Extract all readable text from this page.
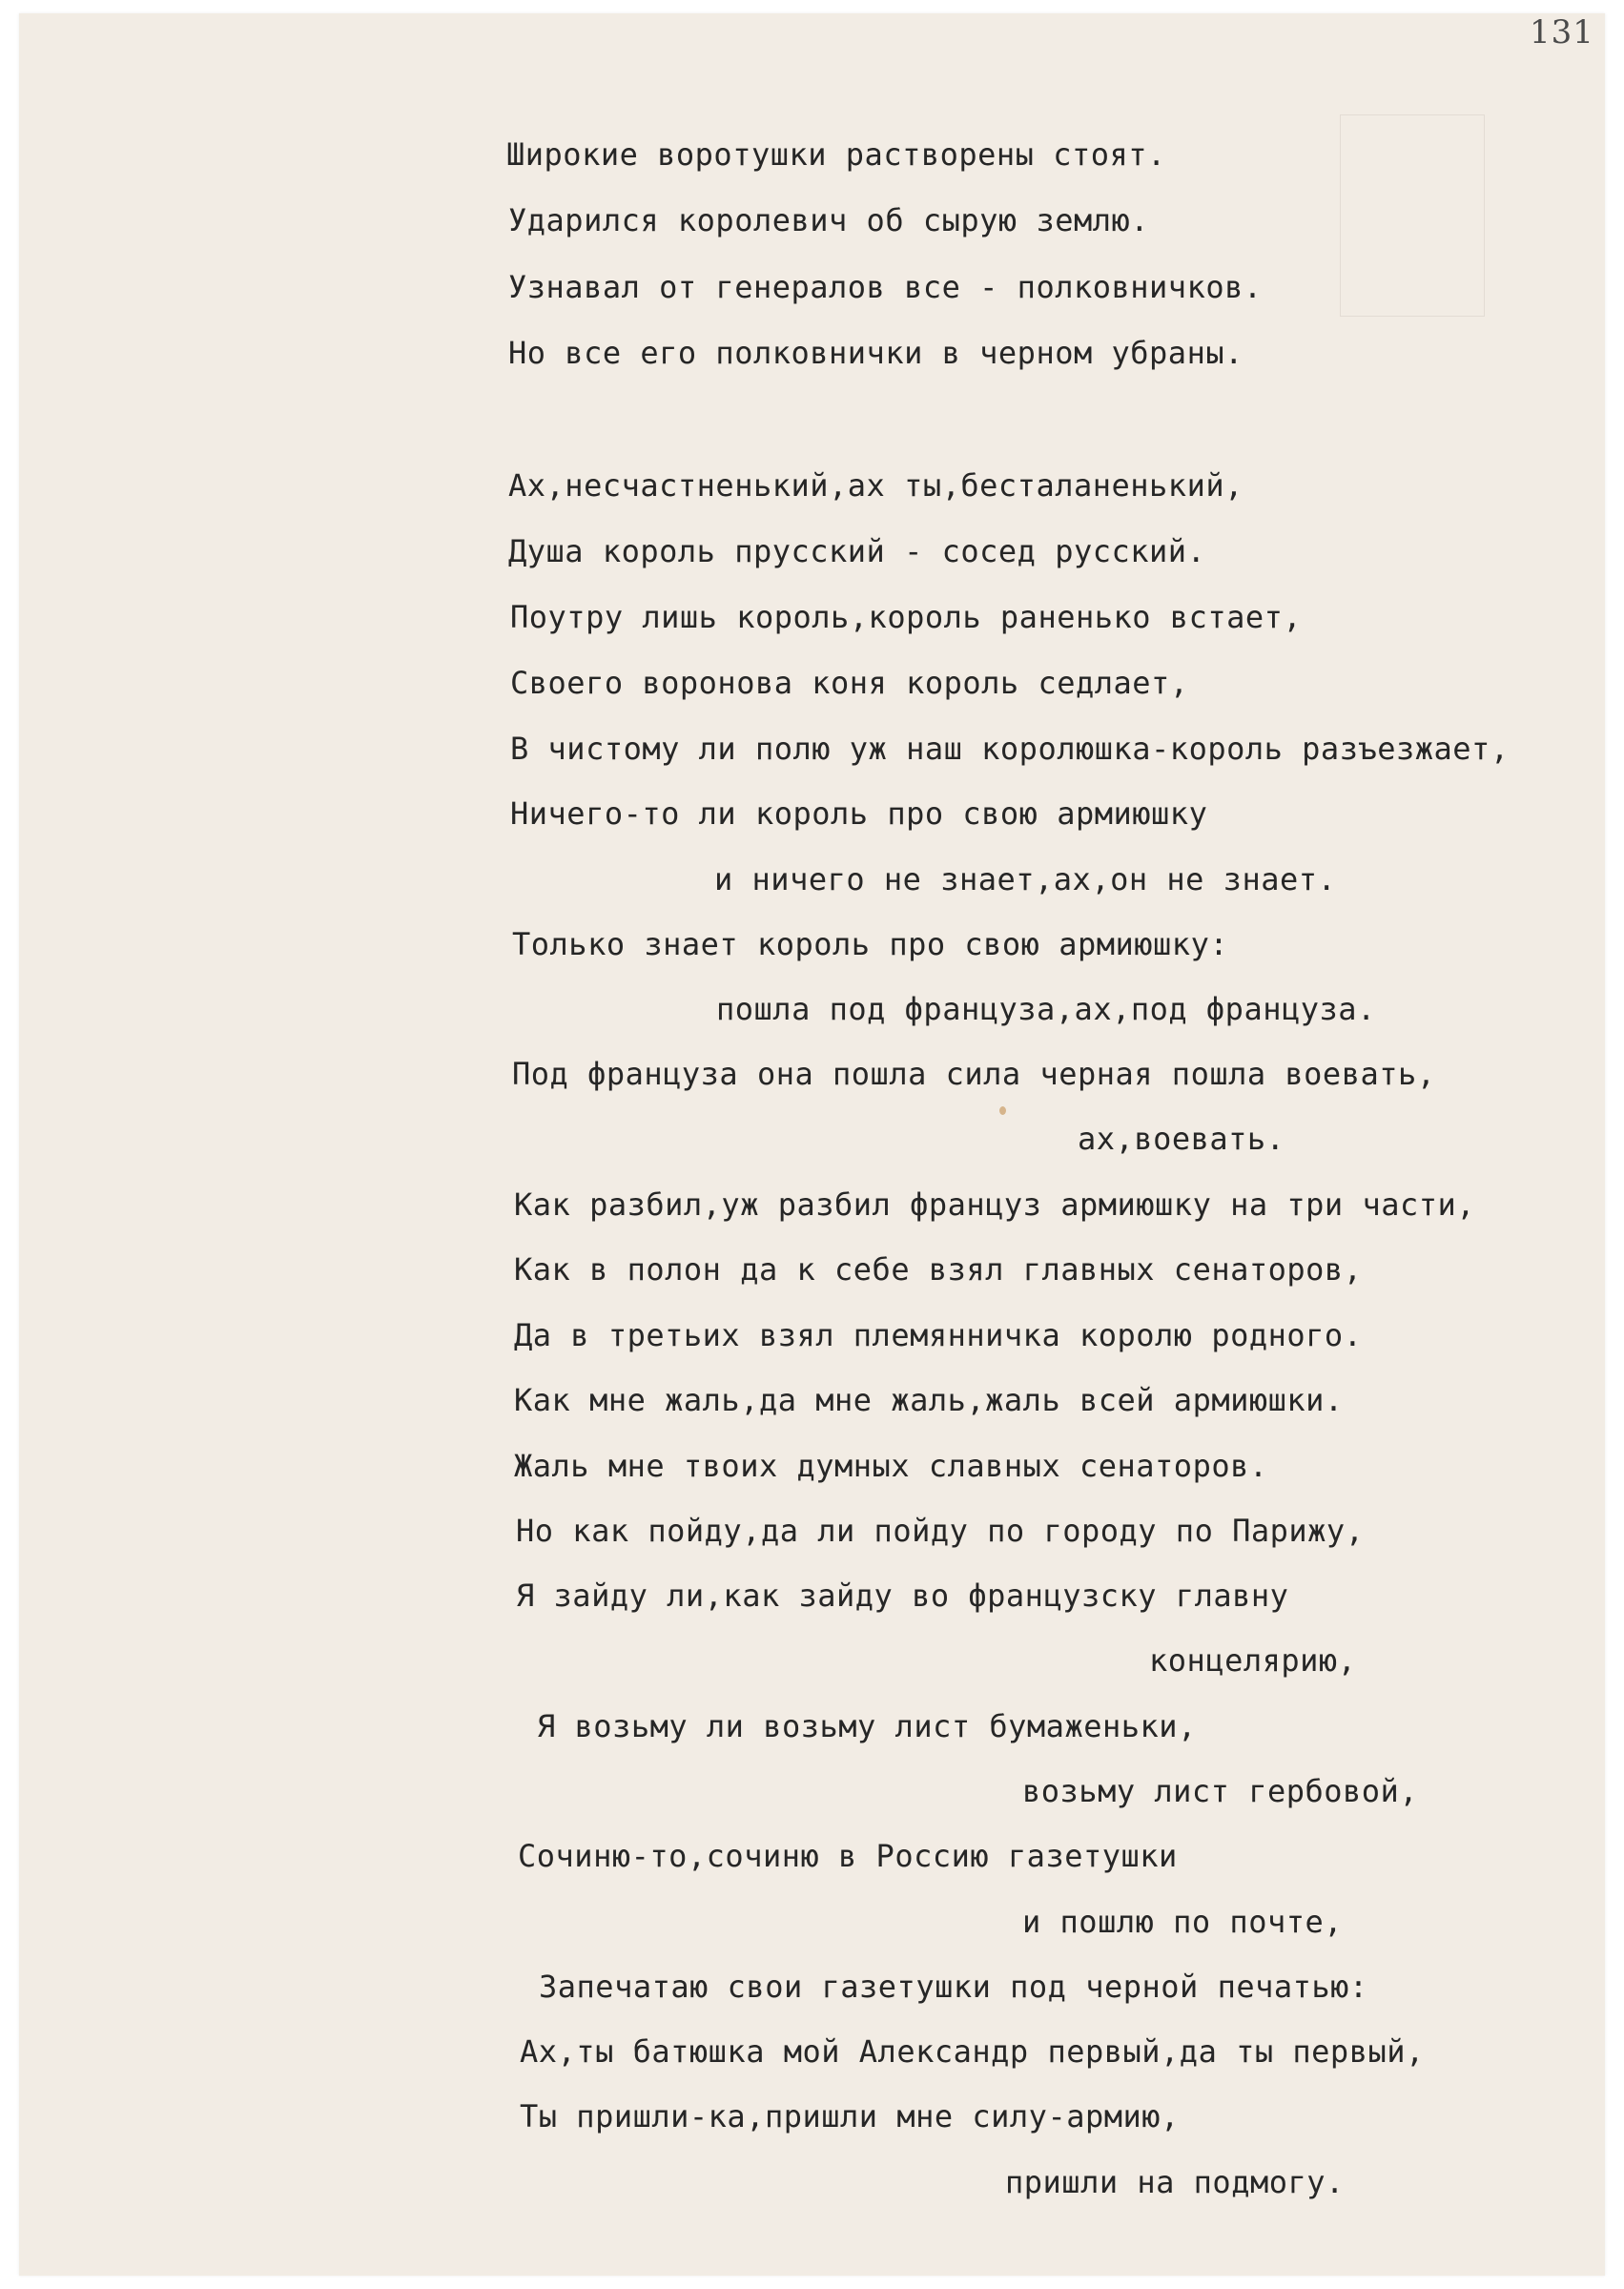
131
Широкие воротушки растворены стоят.
Ударился королевич об сырую землю.
Узнавал от генералов все - полковничков.
Но все его полковнички в черном убраны.
Ах,несчастненький,ах ты,бесталаненький,
Душа король прусский - сосед русский.
Поутру лишь король,король раненько встает,
Своего воронова коня король седлает,
В чистому ли полю уж наш королюшка-король разъезжает,
Ничего-то ли король про свою армиюшку
и ничего не знает,ах,он не знает.
Только знает король про свою армиюшку:
пошла под француза,ах,под француза.
Под француза она пошла сила черная пошла воевать,
ах,воевать.
Как разбил,уж разбил француз армиюшку на три части,
Как в полон да к себе взял главных сенаторов,
Да в третьих взял племянничка королю родного.
Как мне жаль,да мне жаль,жаль всей армиюшки.
Жаль мне твоих думных славных сенаторов.
Но как пойду,да ли пойду по городу по Парижу,
Я зайду ли,как зайду во французску главну
концелярию,
Я возьму ли возьму лист бумаженьки,
возьму лист гербовой,
Сочиню-то,сочиню в Россию газетушки
и пошлю по почте,
Запечатаю свои газетушки под черной печатью:
Ах,ты батюшка мой Александр первый,да ты первый,
Ты пришли-ка,пришли мне силу-армию,
пришли на подмогу.
